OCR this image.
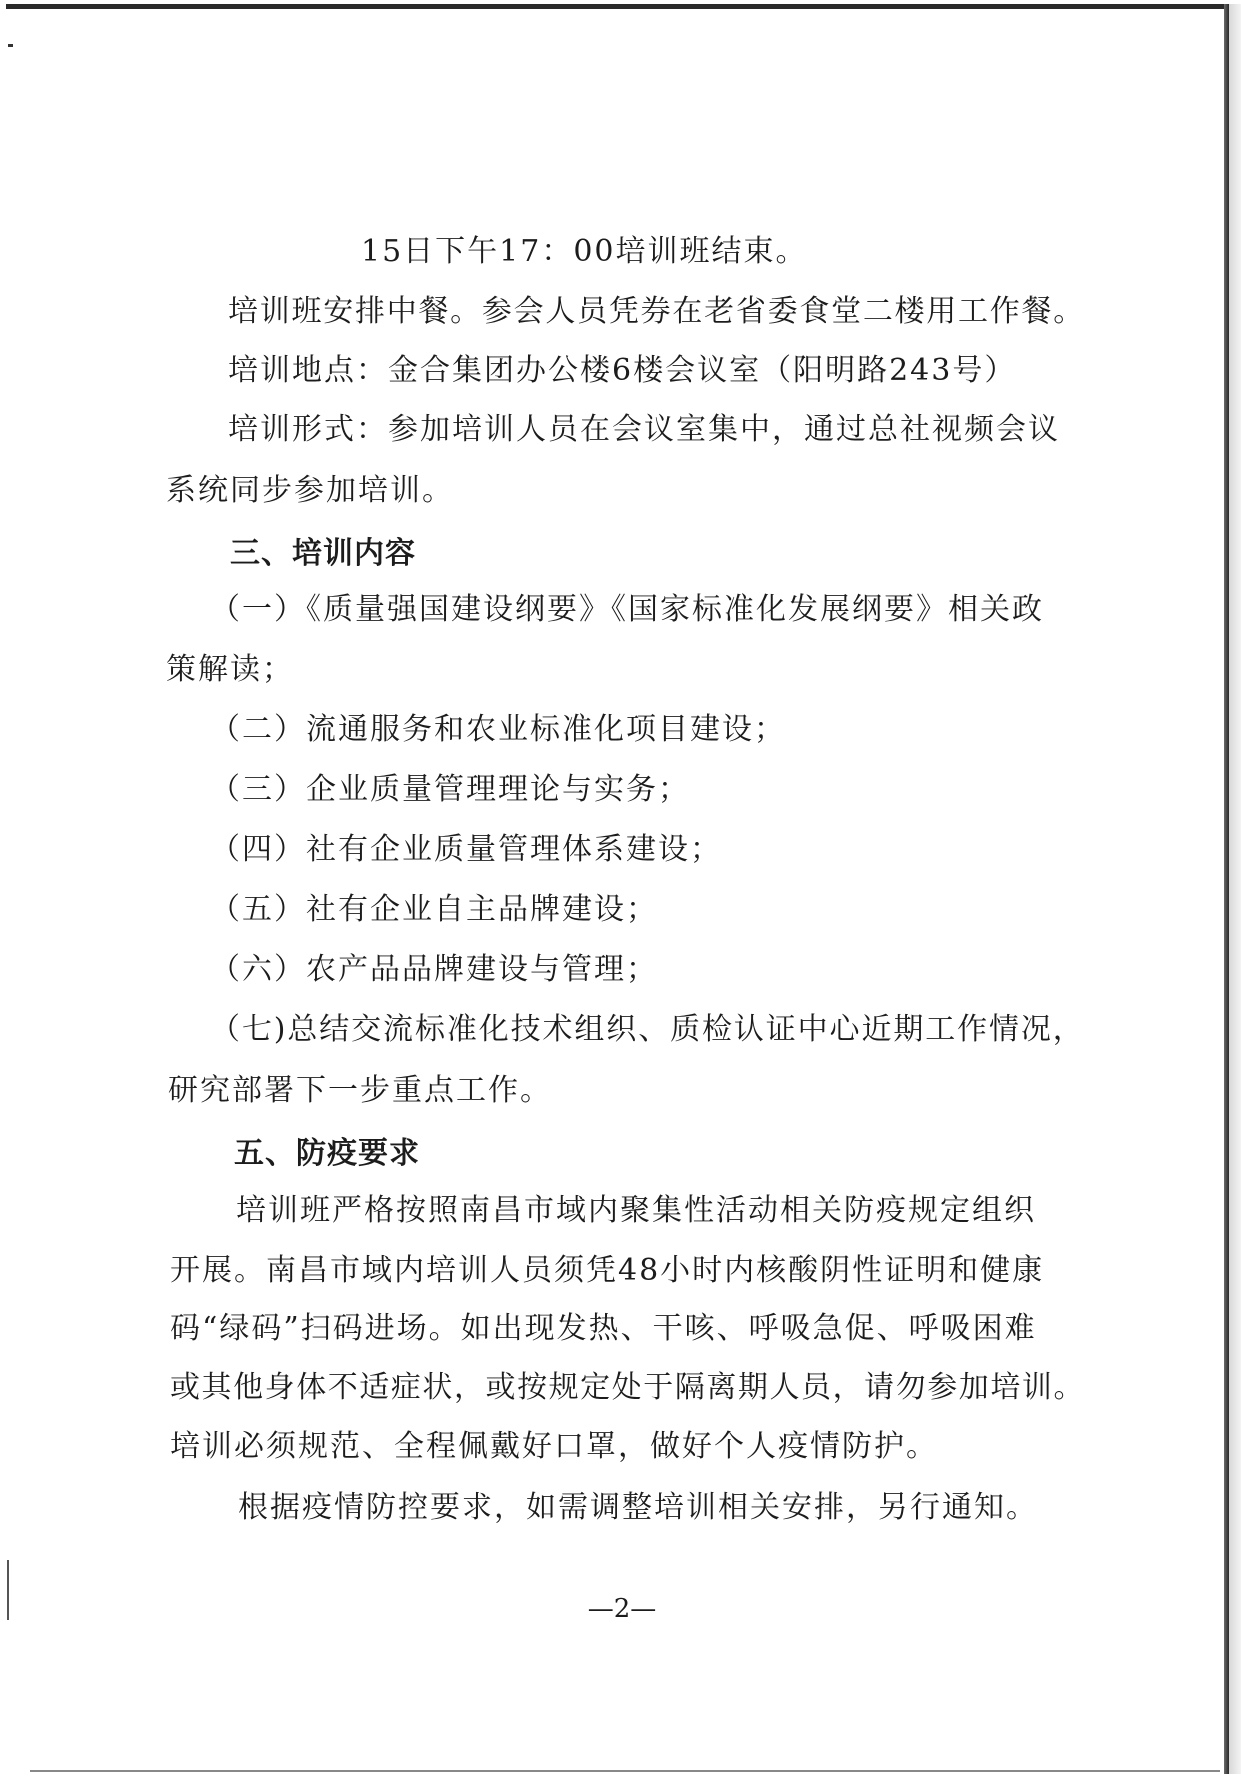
15日下午17：00培训班结束。
培训班安排中餐。参会人员凭券在老省委食堂二楼用工作餐。
培训地点：金合集团办公楼6楼会议室（阳明路243号）
培训形式：参加培训人员在会议室集中，通过总社视频会议
系统同步参加培训。
三、培训内容
（一）《质量强国建设纲要》《国家标准化发展纲要》相关政
策解读；
（二）流通服务和农业标准化项目建设；
（三）企业质量管理理论与实务；
（四）社有企业质量管理体系建设；
（五）社有企业自主品牌建设；
（六）农产品品牌建设与管理；
（七)总结交流标准化技术组织、质检认证中心近期工作情况，
研究部署下一步重点工作。
五、防疫要求
培训班严格按照南昌市域内聚集性活动相关防疫规定组织
开展。南昌市域内培训人员须凭48小时内核酸阴性证明和健康
码“绿码”扫码进场。如出现发热、干咳、呼吸急促、呼吸困难
或其他身体不适症状，或按规定处于隔离期人员，请勿参加培训。
培训必须规范、全程佩戴好口罩，做好个人疫情防护。
根据疫情防控要求，如需调整培训相关安排，另行通知。
—2—
